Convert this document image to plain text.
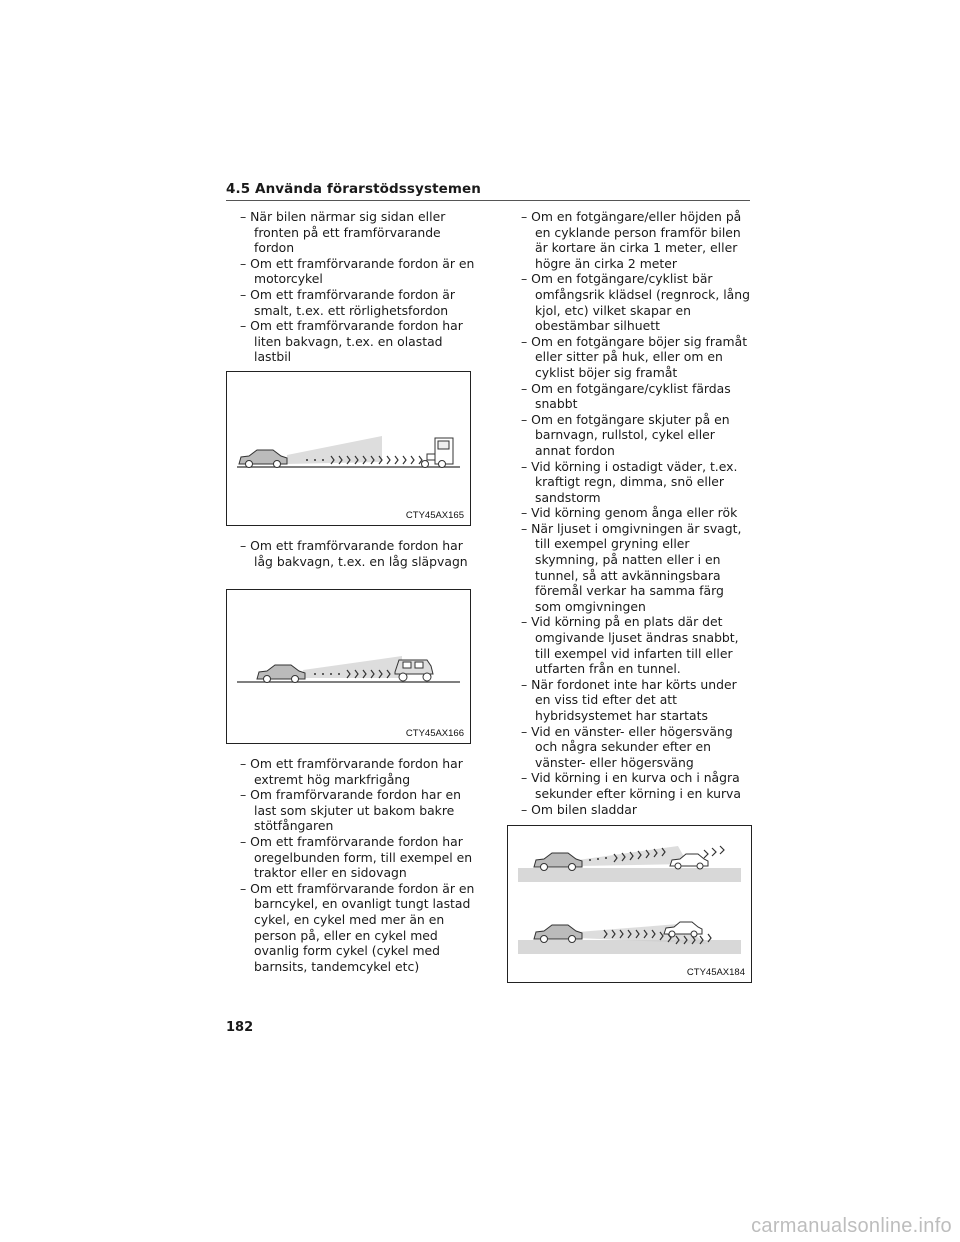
4.5 Använda förarstödssystemen

– När bilen närmar sig sidan eller fronten på ett framförvarande fordon

– Om ett framförvarande fordon är en motorcykel

– Om ett framförvarande fordon är smalt, t.ex. ett rörlighetsfordon

– Om ett framförvarande fordon har liten bakvagn, t.ex. en olastad lastbil

CTY45AX165

– Om ett framförvarande fordon har låg bakvagn, t.ex. en låg släpvagn

CTY45AX166

– Om ett framförvarande fordon har extremt hög markfrigång

– Om framförvarande fordon har en last som skjuter ut bakom bakre stötfångaren

– Om ett framförvarande fordon har oregelbunden form, till exempel en traktor eller en sidovagn

– Om ett framförvarande fordon är en barncykel, en ovanligt tungt lastad cykel, en cykel med mer än en person på, eller en cykel med ovanlig form cykel (cykel med barnsits, tandemcykel etc)

– Om en fotgängare/eller höjden på en cyklande person framför bilen är kortare än cirka 1 meter, eller högre än cirka 2 meter

– Om en fotgängare/cyklist bär omfångsrik klädsel (regnrock, lång kjol, etc) vilket skapar en obestämbar silhuett

– Om en fotgängare böjer sig framåt eller sitter på huk, eller om en cyklist böjer sig framåt

– Om en fotgängare/cyklist färdas snabbt

– Om en fotgängare skjuter på en barnvagn, rullstol, cykel eller annat fordon

– Vid körning i ostadigt väder, t.ex. kraftigt regn, dimma, snö eller sandstorm

– Vid körning genom ånga eller rök

– När ljuset i omgivningen är svagt, till exempel gryning eller skymning, på natten eller i en tunnel, så att avkänningsbara föremål verkar ha samma färg som omgivningen

– Vid körning på en plats där det omgivande ljuset ändras snabbt, till exempel vid infarten till eller utfarten från en tunnel.

– När fordonet inte har körts under en viss tid efter det att hybridsystemet har startats

– Vid en vänster- eller högersväng och några sekunder efter en vänster- eller högersväng

– Vid körning i en kurva och i några sekunder efter körning i en kurva

– Om bilen sladdar

CTY45AX184
182
carmanualsonline.info
